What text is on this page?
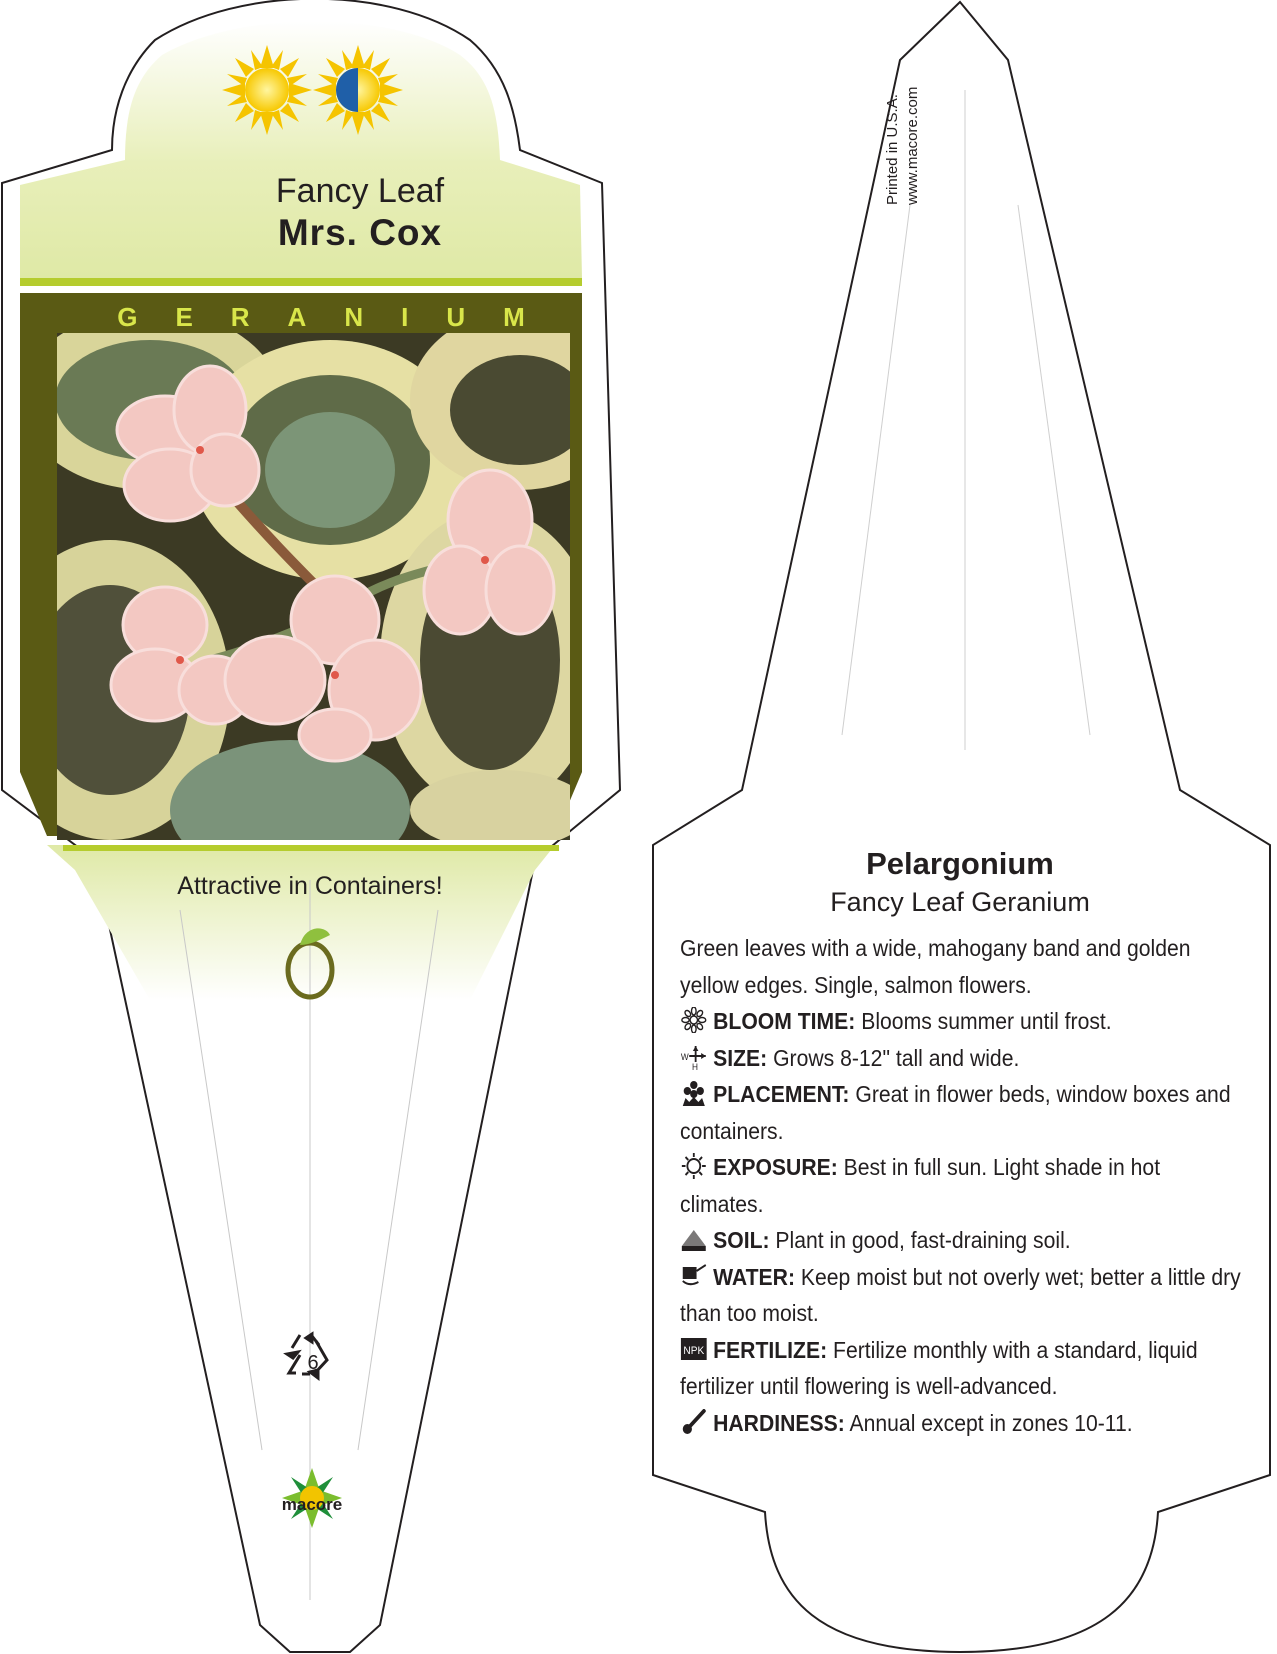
Fancy Leaf
Mrs. Cox
GERANIUM
Attractive in Containers!
6
macore
Printed in U.S.A. www.macore.com
Pelargonium
Fancy Leaf Geranium

Green leaves with a wide, mahogany band and golden yellow edges. Single, salmon flowers.

BLOOM TIME: Blooms summer until frost.

W
H SIZE: Grows 8-12" tall and wide.

PLACEMENT: Great in flower beds, window boxes and containers.

EXPOSURE: Best in full sun. Light shade in hot climates.

SOIL: Plant in good, fast-draining soil.

WATER: Keep moist but not overly wet; better a little dry than too moist.

NPK FERTILIZE: Fertilize monthly with a standard, liquid fertilizer until flowering is well-advanced.

HARDINESS: Annual except in zones 10-11.
